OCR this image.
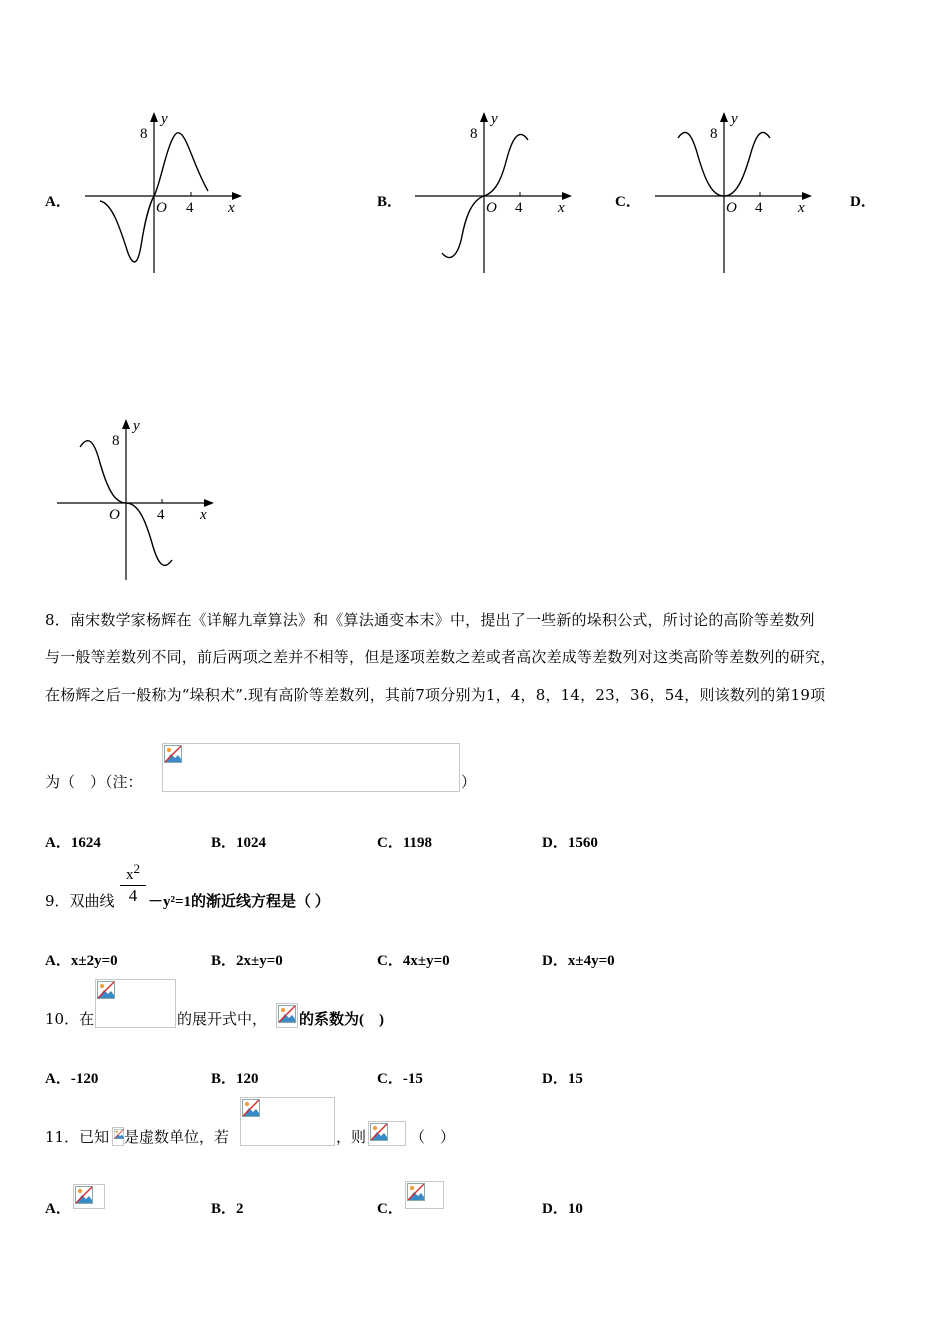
A．
y
8
O 4 x	B．
y
8
O 4 x	C．
y
8
O 4 x	D．
y
8
O 4 x
8．南宋数学家杨辉在《详解九章算法》和《算法通变本末》中，提出了一些新的垛积公式，所讨论的高阶等差数列
与一般等差数列不同，前后两项之差并不相等，但是逐项差数之差或者高次差成等差数列对这类高阶等差数列的研究，
在杨辉之后一般称为“垛积术”.现有高阶等差数列，其前7项分别为1，4，8，14，23，36，54，则该数列的第19项
为（　）（注：	）
A．1624	B．1024	C．1198	D．1560
9．双曲线
$x^2$
4 －y²=1的渐近线方程是（ ）
A．x±2y=0	B．2x±y=0	C．4x±y=0	D．x±4y=0
10．在	的展开式中， 的系数为(　)
A．-120	B．120	C．-15	D．15
11．已知 是虚数单位，若	，则	（　）
A．	B．2	C．	D．10
